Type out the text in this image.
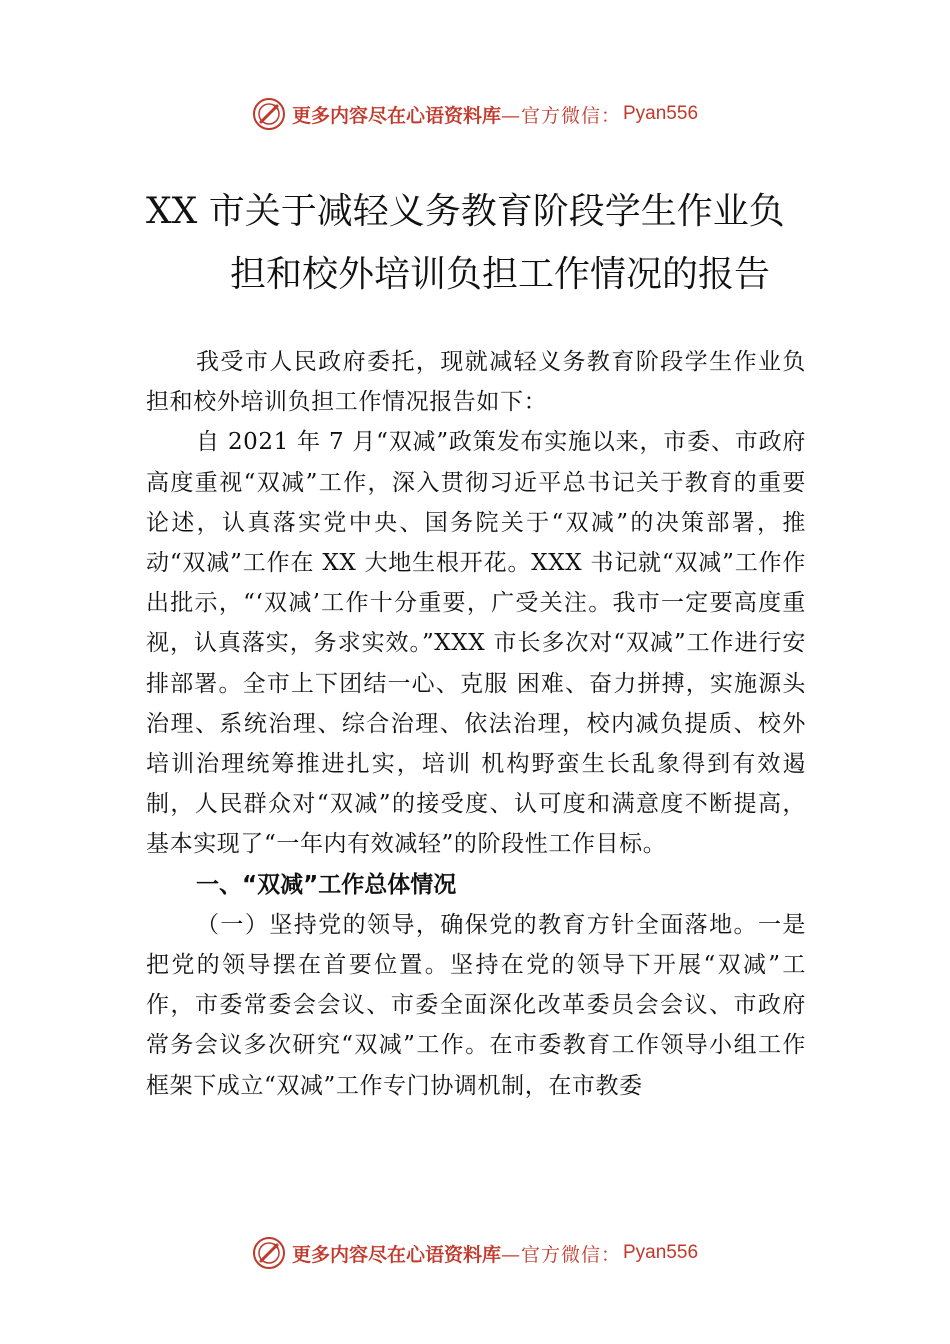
更多内容尽在心语资料库 —官方微信： Pyan556
XX 市关于减轻义务教育阶段学生作业负
担和校外培训负担工作情况的报告

我受市人民政府委托，现就减轻义务教育阶段学生作业负担和校外培训负担工作情况报告如下：

自 2021 年 7 月“双减”政策发布实施以来，市委、市政府高度重视“双减”工作，深入贯彻习近平总书记关于教育的重要论述，认真落实党中央、国务院关于“双减”的决策部署，推动“双减”工作在 XX 大地生根开花。XXX 书记就“双减”工作作出批示，“‘双减’工作十分重要，广受关注。我市一定要高度重视，认真落实，务求实效。”XXX 市长多次对“双减”工作进行安排部署。全市上下团结一心、克服 困难、奋力拼搏，实施源头治理、系统治理、综合治理、依法治理，校内减负提质、校外培训治理统筹推进扎实，培训 机构野蛮生长乱象得到有效遏制，人民群众对“双减”的接受度、认可度和满意度不断提高，基本实现了“一年内有效减轻”的阶段性工作目标。

一、“双减”工作总体情况

（一）坚持党的领导，确保党的教育方针全面落地。一是把党的领导摆在首要位置。坚持在党的领导下开展“双减”工作，市委常委会会议、市委全面深化改革委员会会议、市政府常务会议多次研究“双减”工作。在市委教育工作领导小组工作框架下成立“双减”工作专门协调机制，在市教委

更多内容尽在心语资料库 —官方微信： Pyan556
